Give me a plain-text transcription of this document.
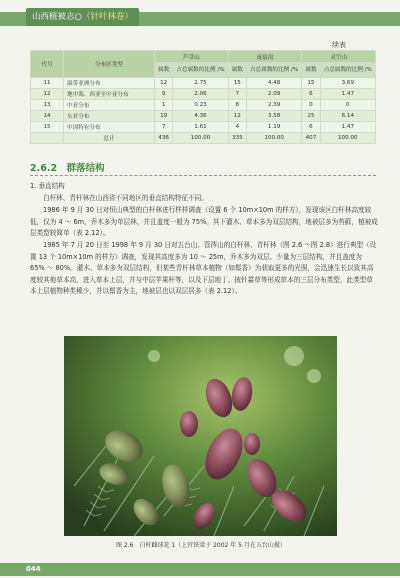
山西植被志○（针叶林卷）
续表
代号	分布区类型	芦芽山		庞泉沟		灵空山	
		属数	占总属数的比例 /%	属数	占总属数的比例 /%	属数	占总属数的比例 /%
11	温带亚洲分布	12	2.75	15	4.48	15	3.69
12	地中海、西亚至中亚分布	9	2.06	7	2.09	6	1.47
13	中亚分布	1	0.23	8	2.39	0	0
14	东亚分布	19	4.36	12	3.58	25	6.14
15	中国特有分布	7	1.61	4	1.19	6	1.47
	总计	436	100.00	335	100.00	407	100.00
2.6.2　 群落结构
1. 垂直结构
白杆林、青杆林在山西省不同地区的垂直结构特征不同。
1986 年 9 月 30 日对恒山典型的白杆林进行样样调查（设置 6 个 10m×10m 的样方），发现该区白杆林高度较低，仅为 4 ～ 6m，乔木多为单层林，并且盖度一般为 75%。其下灌木、草本多为双层结构，地被层多为苔藓，植被成层类型较简单（表 2.12）。
1985 年 7 月 20 日至 1998 年 9 月 30 日对五台山、管涔山的白杆林、青杆林（图 2.6 ～图 2.8）进行典型（设置 13 个 10m×10m 的样方）调查，发现其高度多为 10 ～ 25m，乔木多为双层、少量为三层结构，并且盖度为 65% ～ 80%。灌木、草本多为双层结构，但某些青杆林草本植物（如鬃香）为获取更多的光照，会迅速生长以致其高度较其他草本高，进入草本上层，并与中层苹果杆等，以及下层地丁、披针薹草等形成草本的三层分布类型，此类型草本上层植物种类稀少，并以鬃香为主，地被层也以双层居多（表 2.12）。
图 2.6　白杆雌球花 1（上官铁梁于 2002 年 5 月在五台山摄）
044
